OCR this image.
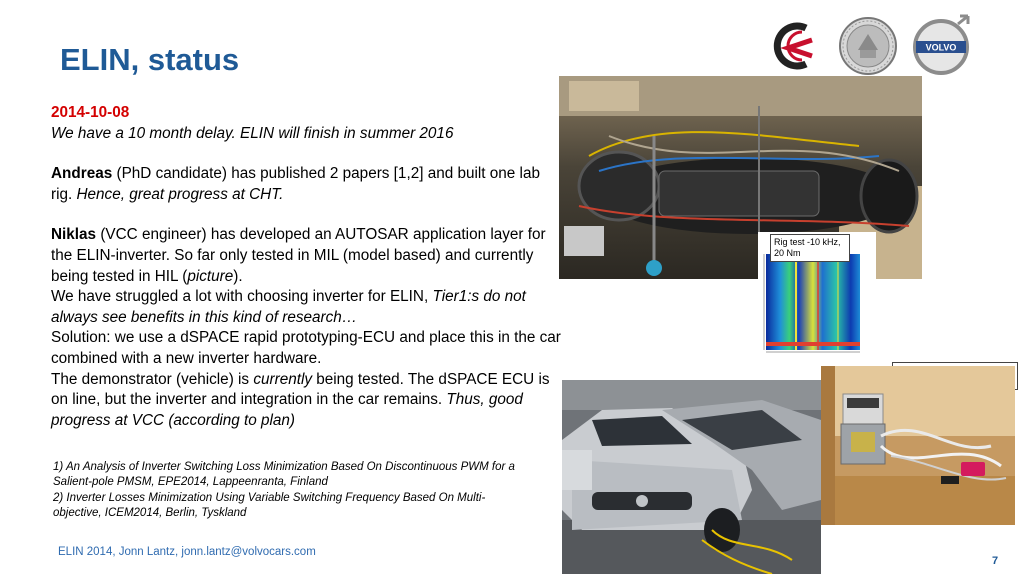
ELIN, status	VOLVO

2014-10-08

We have a 10 month delay. ELIN will finish in summer 2016

Andreas (PhD candidate) has published 2 papers [1,2] and built one lab rig. Hence, great progress at CHT.

Niklas (VCC engineer) has developed an AUTOSAR application layer for the ELIN-inverter. So far only tested in MIL (model based) and currently being tested in HIL (picture).

We have struggled a lot with choosing inverter for ELIN, Tier1:s do not always see benefits in this kind of research…

Solution: we use a dSPACE rapid prototyping-ECU and place this in the car combined with a new inverter hardware.

The demonstrator (vehicle) is currently being tested. The dSPACE ECU is on line, but the inverter and integration in the car remains. Thus, good progress at VCC (according to plan)

1) An Analysis of Inverter Switching Loss Minimization Based On Discontinuous PWM for a Salient-pole PMSM, EPE2014, Lappeenranta, Finland
2) Inverter Losses Minimization Using Variable Switching Frequency Based On Multi-objective, ICEM2014, Berlin, Tyskland
Rig test -10 kHz, 20 Nm
ELIN 2014, Jonn Lantz, jonn.lantz@volvocars.com
7
